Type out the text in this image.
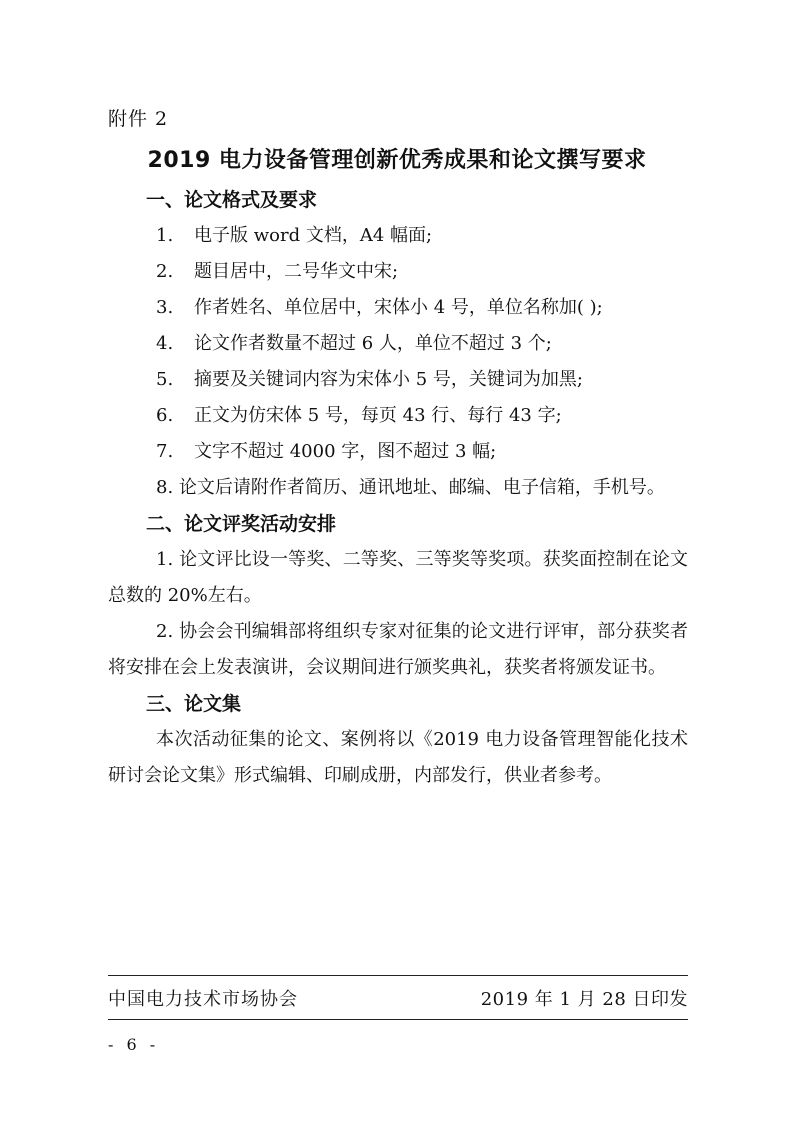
附件 2
2019 电力设备管理创新优秀成果和论文撰写要求
一、论文格式及要求
1. 电子版 word 文档，A4 幅面;
2. 题目居中，二号华文中宋;
3. 作者姓名、单位居中，宋体小 4 号，单位名称加( );
4. 论文作者数量不超过 6 人，单位不超过 3 个;
5. 摘要及关键词内容为宋体小 5 号，关键词为加黑;
6. 正文为仿宋体 5 号，每页 43 行、每行 43 字;
7. 文字不超过 4000 字，图不超过 3 幅;

8. 论文后请附作者简历、通讯地址、邮编、电子信箱，手机号。

二、论文评奖活动安排

1. 论文评比设一等奖、二等奖、三等奖等奖项。获奖面控制在论文总数的 20%左右。

2. 协会会刊编辑部将组织专家对征集的论文进行评审，部分获奖者将安排在会上发表演讲，会议期间进行颁奖典礼，获奖者将颁发证书。

三、论文集

本次活动征集的论文、案例将以《2019 电力设备管理智能化技术研讨会论文集》形式编辑、印刷成册，内部发行，供业者参考。

中国电力技术市场协会	2019 年 1 月 28 日印发
- 6 -
